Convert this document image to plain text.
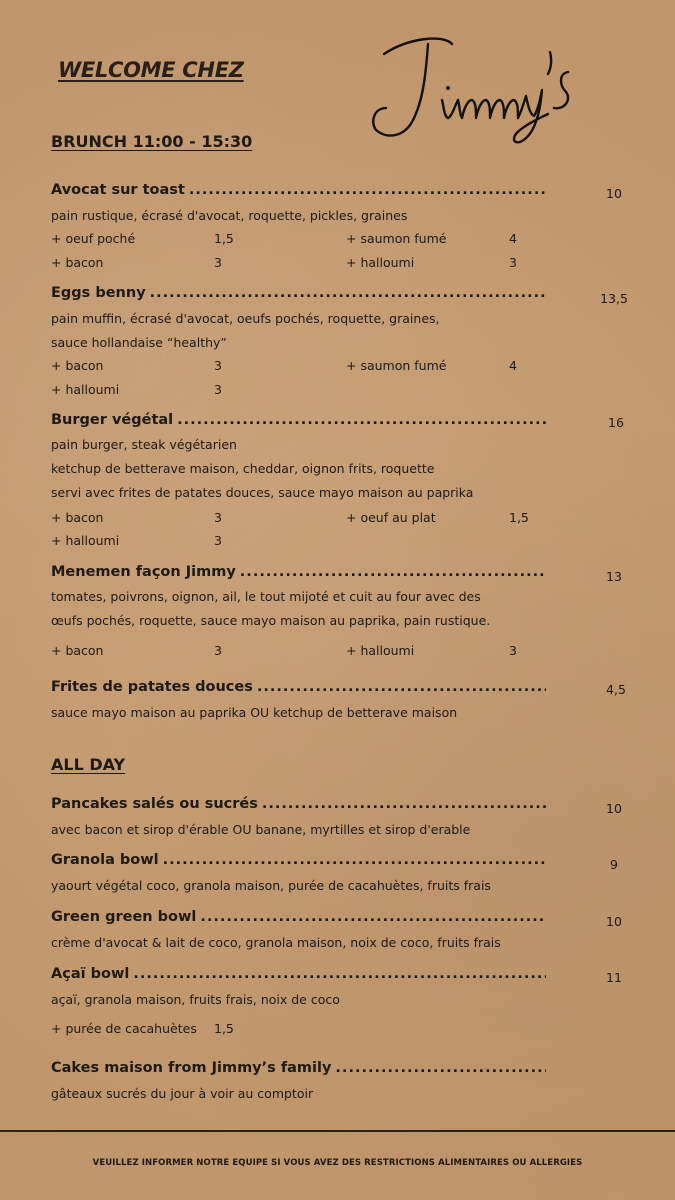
WELCOME CHEZ
Jimmy's
BRUNCH 11:00 - 15:30
Avocat sur toast .....	10
pain rustique, écrasé d'avocat, roquette, pickles, graines
+ oeuf poché	1,5	+ saumon fumé	4
+ bacon	3	+ halloumi	3
Eggs benny .....	13,5
pain muffin, écrasé d'avocat, oeufs pochés, roquette, graines,
sauce hollandaise “healthy”
+ bacon	3	+ saumon fumé	4
+ halloumi	3
Burger végétal .....	16
pain burger, steak végétarien
ketchup de betterave maison, cheddar, oignon frits, roquette
servi avec frites de patates douces, sauce mayo maison au paprika
+ bacon	3	+ oeuf au plat	1,5
+ halloumi	3
Menemen façon Jimmy .....	13
tomates, poivrons, oignon, ail, le tout mijoté et cuit au four avec des
œufs pochés, roquette, sauce mayo maison au paprika, pain rustique.
+ bacon	3	+ halloumi	3
Frites de patates douces .....	4,5
sauce mayo maison au paprika OU ketchup de betterave maison
ALL DAY
Pancakes salés ou sucrés .....	10
avec bacon et sirop d'érable OU banane, myrtilles et sirop d'erable
Granola bowl .....	9
yaourt végétal coco, granola maison, purée de cacahuètes, fruits frais
Green green bowl .....	10
crème d'avocat & lait de coco, granola maison, noix de coco, fruits frais
Açaï bowl .....	11
açaï, granola maison, fruits frais, noix de coco
+ purée de cacahuètes 1,5
Cakes maison from Jimmy’s family
.....
gâteaux sucrés du jour à voir au comptoir
VEUILLEZ INFORMER NOTRE EQUIPE SI VOUS AVEZ DES RESTRICTIONS ALIMENTAIRES OU ALLERGIES
